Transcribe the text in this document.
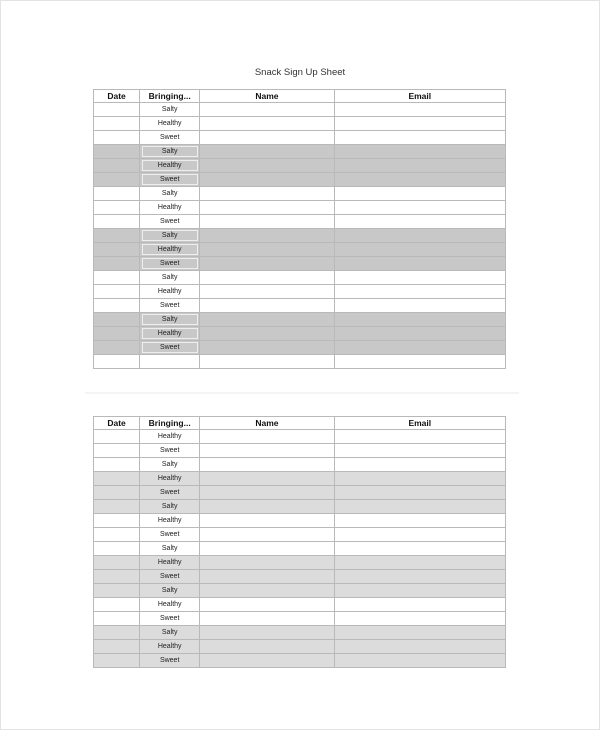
Snack Sign Up Sheet
Date	Bringing...	Name	Email
	Salty		
	Healthy		
	Sweet		
	Salty		
	Healthy		
	Sweet		
	Salty		
	Healthy		
	Sweet		
	Salty		
	Healthy		
	Sweet		
	Salty		
	Healthy		
	Sweet		
	Salty		
	Healthy		
	Sweet		

Date	Bringing...	Name	Email
	Healthy		
	Sweet		
	Salty		
	Healthy		
	Sweet		
	Salty		
	Healthy		
	Sweet		
	Salty		
	Healthy		
	Sweet		
	Salty		
	Healthy		
	Sweet		
	Salty		
	Healthy		
	Sweet		
